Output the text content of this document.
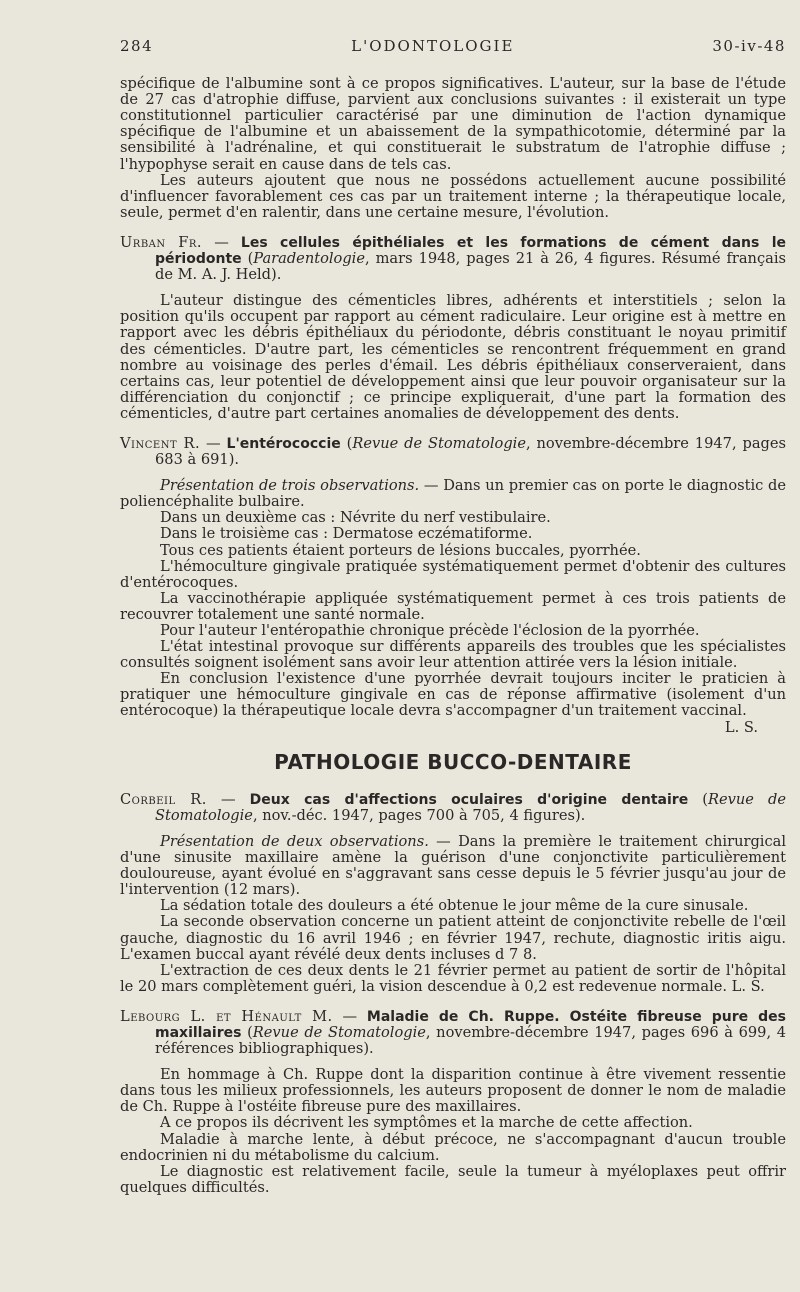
284	L'ODONTOLOGIE	30-iv-48

spécifique de l'albumine sont à ce propos significatives. L'auteur, sur la base de l'étude de 27 cas d'atrophie diffuse, parvient aux conclusions suivantes : il existerait un type constitutionnel particulier caractérisé par une diminution de l'action dynamique spécifique de l'albumine et un abaissement de la sympathicotomie, déterminé par la sensibilité à l'adrénaline, et qui constituerait le substratum de l'atrophie diffuse ; l'hypophyse serait en cause dans de tels cas.

Les auteurs ajoutent que nous ne possédons actuellement aucune possibilité d'influencer favorablement ces cas par un traitement interne ; la thérapeutique locale, seule, permet d'en ralentir, dans une certaine mesure, l'évolution.

Urban Fr. — Les cellules épithéliales et les formations de cément dans le périodonte (Paradentologie, mars 1948, pages 21 à 26, 4 figures. Résumé français de M. A. J. Held).

L'auteur distingue des cémenticles libres, adhérents et interstitiels ; selon la position qu'ils occupent par rapport au cément radiculaire. Leur origine est à mettre en rapport avec les débris épithéliaux du périodonte, débris constituant le noyau primitif des cémenticles. D'autre part, les cémenticles se rencontrent fréquemment en grand nombre au voisinage des perles d'émail. Les débris épithéliaux conserveraient, dans certains cas, leur potentiel de développement ainsi que leur pouvoir organisateur sur la différenciation du conjonctif ; ce principe expliquerait, d'une part la formation des cémenticles, d'autre part certaines anomalies de développement des dents.

Vincent R. — L'entérococcie (Revue de Stomatologie, novembre-décembre 1947, pages 683 à 691).

Présentation de trois observations. — Dans un premier cas on porte le diagnostic de poliencéphalite bulbaire.

Dans un deuxième cas : Névrite du nerf vestibulaire.

Dans le troisième cas : Dermatose eczématiforme.

Tous ces patients étaient porteurs de lésions buccales, pyorrhée.

L'hémoculture gingivale pratiquée systématiquement permet d'obtenir des cultures d'entérocoques.

La vaccinothérapie appliquée systématiquement permet à ces trois patients de recouvrer totalement une santé normale.

Pour l'auteur l'entéropathie chronique précède l'éclosion de la pyorrhée.

L'état intestinal provoque sur différents appareils des troubles que les spécialistes consultés soignent isolément sans avoir leur attention attirée vers la lésion initiale.

En conclusion l'existence d'une pyorrhée devrait toujours inciter le praticien à pratiquer une hémoculture gingivale en cas de réponse affirmative (isolement d'un entérocoque) la thérapeutique locale devra s'accompagner d'un traitement vaccinal.

L. S.

PATHOLOGIE BUCCO-DENTAIRE

Corbeil R. — Deux cas d'affections oculaires d'origine dentaire (Revue de Stomatologie, nov.-déc. 1947, pages 700 à 705, 4 figures).

Présentation de deux observations. — Dans la première le traitement chirurgical d'une sinusite maxillaire amène la guérison d'une conjonctivite particulièrement douloureuse, ayant évolué en s'aggravant sans cesse depuis le 5 février jusqu'au jour de l'intervention (12 mars).

La sédation totale des douleurs a été obtenue le jour même de la cure sinusale.

La seconde observation concerne un patient atteint de conjonctivite rebelle de l'œil gauche, diagnostic du 16 avril 1946 ; en février 1947, rechute, diagnostic iritis aigu. L'examen buccal ayant révélé deux dents incluses d 7 8.

L'extraction de ces deux dents le 21 février permet au patient de sortir de l'hôpital le 20 mars complètement guéri, la vision descendue à 0,2 est redevenue normale. L. S.

Lebourg L. et Hénault M. — Maladie de Ch. Ruppe. Ostéite fibreuse pure des maxillaires (Revue de Stomatologie, novembre-décembre 1947, pages 696 à 699, 4 références bibliographiques).

En hommage à Ch. Ruppe dont la disparition continue à être vivement ressentie dans tous les milieux professionnels, les auteurs proposent de donner le nom de maladie de Ch. Ruppe à l'ostéite fibreuse pure des maxillaires.

A ce propos ils décrivent les symptômes et la marche de cette affection.

Maladie à marche lente, à début précoce, ne s'accompagnant d'aucun trouble endocrinien ni du métabolisme du calcium.

Le diagnostic est relativement facile, seule la tumeur à myéloplaxes peut offrir quelques difficultés.
